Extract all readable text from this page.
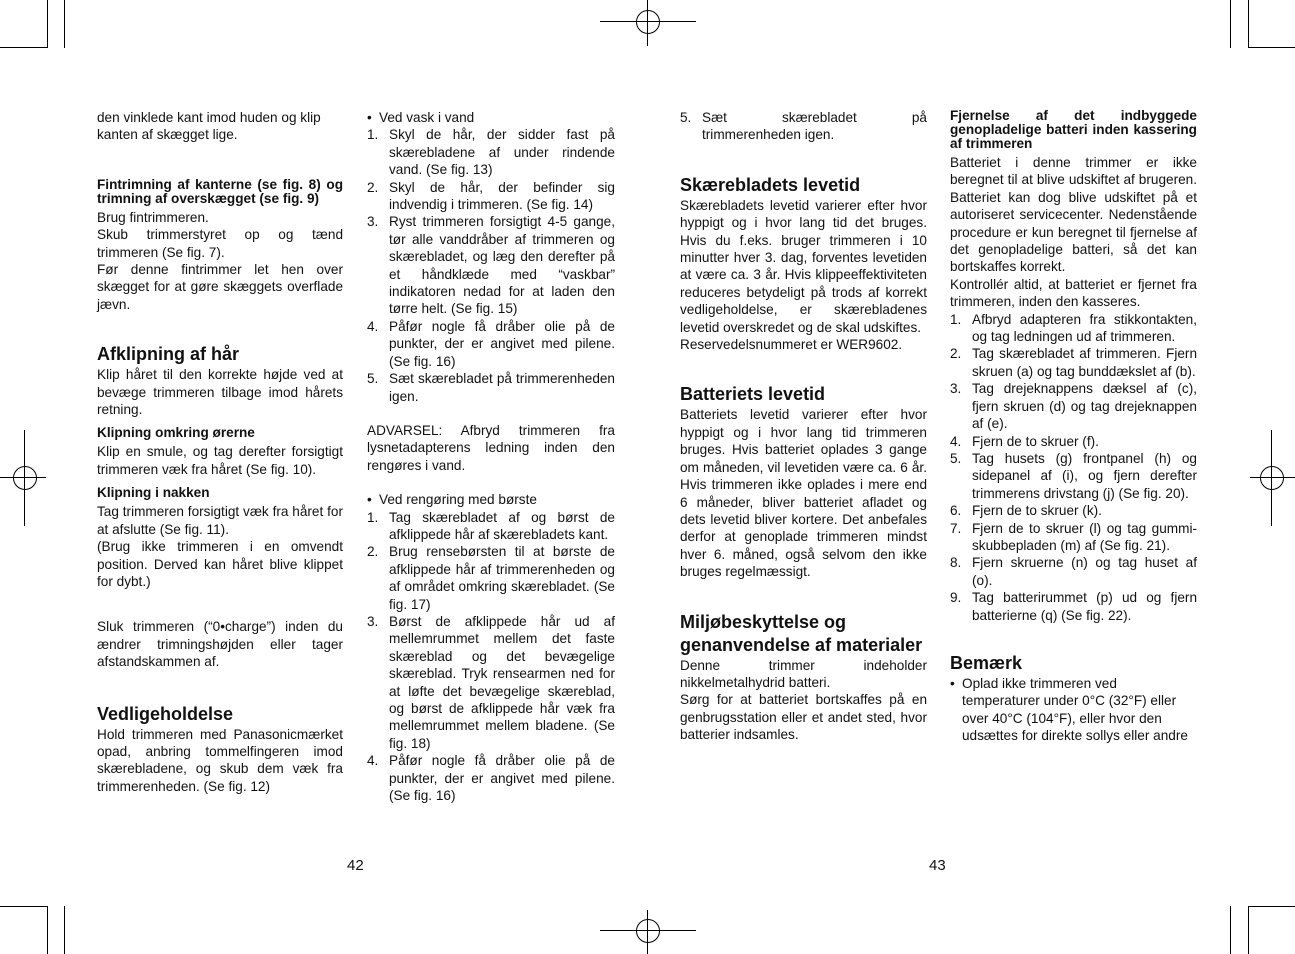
den vinklede kant imod huden og klip kanten af skægget lige.

Fintrimning af kanterne (se fig. 8) og trimning af overskægget (se fig. 9)

Brug fintrimmeren.

Skub trimmerstyret op og tænd trimmeren (Se fig. 7).

Før denne fintrimmer let hen over skægget for at gøre skæggets overflade jævn.

Afklipning af hår

Klip håret til den korrekte højde ved at bevæge trimmeren tilbage imod hårets retning.

Klipning omkring ørerne

Klip en smule, og tag derefter forsigtigt trimmeren væk fra håret (Se fig. 10).

Klipning i nakken

Tag trimmeren forsigtigt væk fra håret for at afslutte (Se fig. 11).

(Brug ikke trimmeren i en omvendt position. Derved kan håret blive klippet for dybt.)

Sluk trimmeren (“0•charge”) inden du ændrer trimningshøjden eller tager afstandskammen af.

Vedligeholdelse

Hold trimmeren med Panasonicmærket opad, anbring tommelfingeren imod skærebladene, og skub dem væk fra trimmerenheden. (Se fig. 12)

• Ved vask i vand
1. Skyl de hår, der sidder fast på skærebladene af under rindende vand. (Se fig. 13)
2. Skyl de hår, der befinder sig indvendig i trimmeren. (Se fig. 14)
3. Ryst trimmeren forsigtigt 4-5 gange, tør alle vanddråber af trimmeren og skærebladet, og læg den derefter på et håndklæde med “vaskbar” indikatoren nedad for at laden den tørre helt. (Se fig. 15)
4. Påfør nogle få dråber olie på de punkter, der er angivet med pilene. (Se fig. 16)
5. Sæt skærebladet på trimmerenheden igen.

ADVARSEL: Afbryd trimmeren fra lysnetadapterens ledning inden den rengøres i vand.

• Ved rengøring med børste
1. Tag skærebladet af og børst de afklippede hår af skærebladets kant.
2. Brug rensebørsten til at børste de afklippede hår af trimmerenheden og af området omkring skærebladet. (Se fig. 17)
3. Børst de afklippede hår ud af mellemrummet mellem det faste skæreblad og det bevægelige skæreblad. Tryk rensearmen ned for at løfte det bevægelige skæreblad, og børst de afklippede hår væk fra mellemrummet mellem bladene. (Se fig. 18)
4. Påfør nogle få dråber olie på de punkter, der er angivet med pilene. (Se fig. 16)
42
5. Sæt skærebladet på trimmerenheden igen.

Skærebladets levetid

Skærebladets levetid varierer efter hvor hyppigt og i hvor lang tid det bruges. Hvis du f.eks. bruger trimmeren i 10 minutter hver 3. dag, forventes levetiden at være ca. 3 år. Hvis klippeeffektiviteten reduceres betydeligt på trods af korrekt vedligeholdelse, er skærebladenes levetid overskredet og de skal udskiftes.

Reservedelsnummeret er WER9602.

Batteriets levetid

Batteriets levetid varierer efter hvor hyppigt og i hvor lang tid trimmeren bruges. Hvis batteriet oplades 3 gange om måneden, vil levetiden være ca. 6 år. Hvis trimmeren ikke oplades i mere end 6 måneder, bliver batteriet afladet og dets levetid bliver kortere. Det anbefales derfor at genoplade trimmeren mindst hver 6. måned, også selvom den ikke bruges regelmæssigt.

Miljøbeskyttelse og genanvendelse af materialer

Denne trimmer indeholder nikkelmetalhydrid batteri.

Sørg for at batteriet bortskaffes på en genbrugsstation eller et andet sted, hvor batterier indsamles.

Fjernelse af det indbyggede genopladelige batteri inden kassering af trimmeren

Batteriet i denne trimmer er ikke beregnet til at blive udskiftet af brugeren. Batteriet kan dog blive udskiftet på et autoriseret servicecenter. Nedenstående procedure er kun beregnet til fjernelse af det genopladelige batteri, så det kan bortskaffes korrekt.

Kontrollér altid, at batteriet er fjernet fra trimmeren, inden den kasseres.

1. Afbryd adapteren fra stikkontakten, og tag ledningen ud af trimmeren.
2. Tag skærebladet af trimmeren. Fjern skruen (a) og tag bunddækslet af (b).
3. Tag drejeknappens dæksel af (c), fjern skruen (d) og tag drejeknappen af (e).
4. Fjern de to skruer (f).
5. Tag husets (g) frontpanel (h) og sidepanel af (i), og fjern derefter trimmerens drivstang (j) (Se fig. 20).
6. Fjern de to skruer (k).
7. Fjern de to skruer (l) og tag gummi-skubbepladen (m) af (Se fig. 21).
8. Fjern skruerne (n) og tag huset af (o).
9. Tag batterirummet (p) ud og fjern batterierne (q) (Se fig. 22).

Bemærk

• Oplad ikke trimmeren ved temperaturer under 0°C (32°F) eller over 40°C (104°F), eller hvor den udsættes for direkte sollys eller andre
43
